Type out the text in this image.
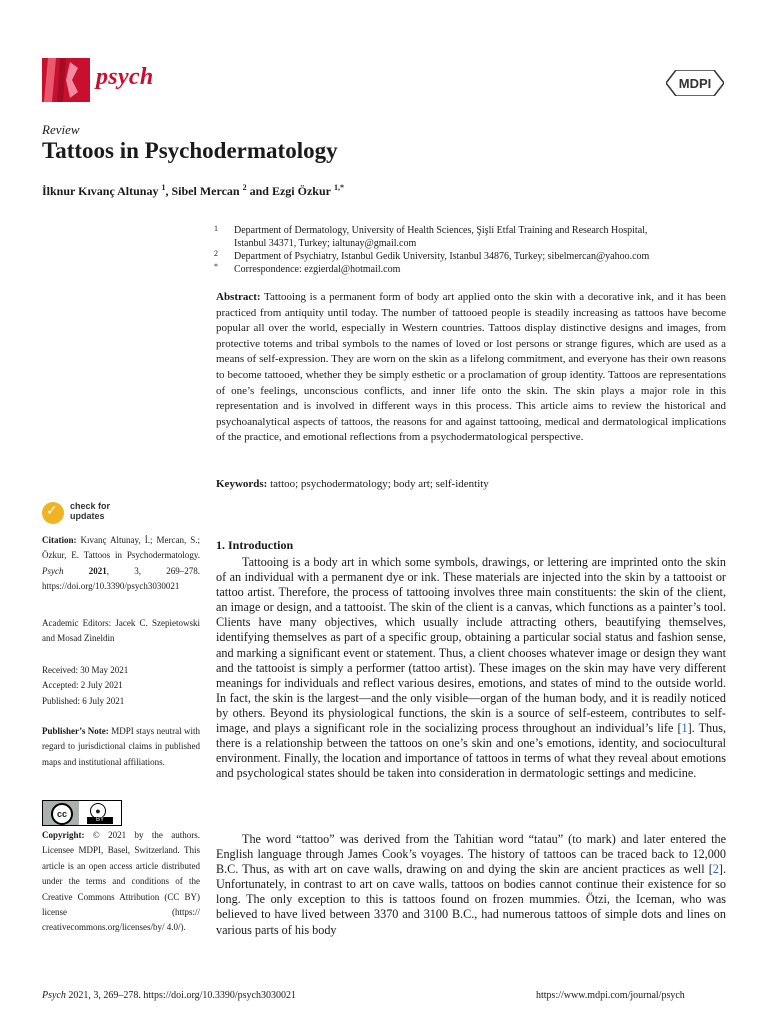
psych	MDPI
Review
Tattoos in Psychodermatology
İlknur Kıvanç Altunay $^1$, Sibel Mercan $^2$ and Ezgi Özkur $^{1,*}$
1 Department of Dermatology, University of Health Sciences, Şişli Etfal Training and Research Hospital,
Istanbul 34371, Turkey; ialtunay@gmail.com
2 Department of Psychiatry, Istanbul Gedik University, Istanbul 34876, Turkey; sibelmercan@yahoo.com
* Correspondence: ezgierdal@hotmail.com

Abstract: Tattooing is a permanent form of body art applied onto the skin with a decorative ink, and it has been practiced from antiquity until today. The number of tattooed people is steadily increasing as tattoos have become popular all over the world, especially in Western countries. Tattoos display distinctive designs and images, from protective totems and tribal symbols to the names of loved or lost persons or strange figures, which are used as a means of self-expression. They are worn on the skin as a lifelong commitment, and everyone has their own reasons to become tattooed, whether they be simply esthetic or a proclamation of group identity. Tattoos are representations of one’s feelings, unconscious conflicts, and inner life onto the skin. The skin plays a major role in this representation and is involved in different ways in this process. This article aims to review the historical and psychoanalytical aspects of tattoos, the reasons for and against tattooing, medical and dermatological implications of the practice, and emotional reflections from a psychodermatological perspective.

Keywords: tattoo; psychodermatology; body art; self-identity
✓ check for
updates
Citation: Kıvanç Altunay, İ.; Mercan, S.; Özkur, E. Tattoos in Psychodermatology. Psych	2021, 3, 269–278. https://doi.org/10.3390/psych3030021
Academic Editors: Jacek C. Szepietowski and Mosad Zineldin
Received: 30 May 2021
Accepted: 2 July 2021
Published: 6 July 2021
Publisher’s Note: MDPI stays neutral with regard to jurisdictional claims in published maps and institutional affiliations.
cc	●
BY
Copyright: © 2021 by the authors. Licensee MDPI, Basel, Switzerland. This article is an open access article distributed under the terms and conditions of the Creative Commons Attribution (CC BY) license (https:// creativecommons.org/licenses/by/ 4.0/).
1. Introduction

Tattooing is a body art in which some symbols, drawings, or lettering are imprinted onto the skin of an individual with a permanent dye or ink. These materials are injected into the skin by a tattooist or tattoo artist. Therefore, the process of tattooing involves three main constituents: the skin of the client, an image or design, and a tattooist. The skin of the client is a canvas, which functions as a painter’s tool. Clients have many objectives, which usually include attracting others, beautifying themselves, identifying themselves as part of a specific group, obtaining a particular social status and fashion sense, and marking a significant event or statement. Thus, a client chooses whatever image or design they want and the tattooist is simply a performer (tattoo artist). These images on the skin may have very different meanings for individuals and reflect various desires, emotions, and states of mind to the outside world. In fact, the skin is the largest—and the only visible—organ of the human body, and it is readily noticed by others. Beyond its physiological functions, the skin is a source of self-esteem, contributes to self-image, and plays a significant role in the socializing process throughout an individual’s life [1]. Thus, there is a relationship between the tattoos on one’s skin and one’s emotions, identity, and sociocultural environment. Finally, the location and importance of tattoos in terms of what they reveal about emotions and psychological states should be taken into consideration in dermatologic settings and medicine.

The word “tattoo” was derived from the Tahitian word “tatau” (to mark) and later entered the English language through James Cook’s voyages. The history of tattoos can be traced back to 12,000 B.C. Thus, as with art on cave walls, drawing on and dying the skin are ancient practices as well [2]. Unfortunately, in contrast to art on cave walls, tattoos on bodies cannot continue their existence for so long. The only exception to this is tattoos found on frozen mummies. Ötzi, the Iceman, who was believed to have lived between 3370 and 3100 B.C., had numerous tattoos of simple dots and lines on various parts of his body

Psych 2021, 3, 269–278. https://doi.org/10.3390/psych3030021	https://www.mdpi.com/journal/psych
